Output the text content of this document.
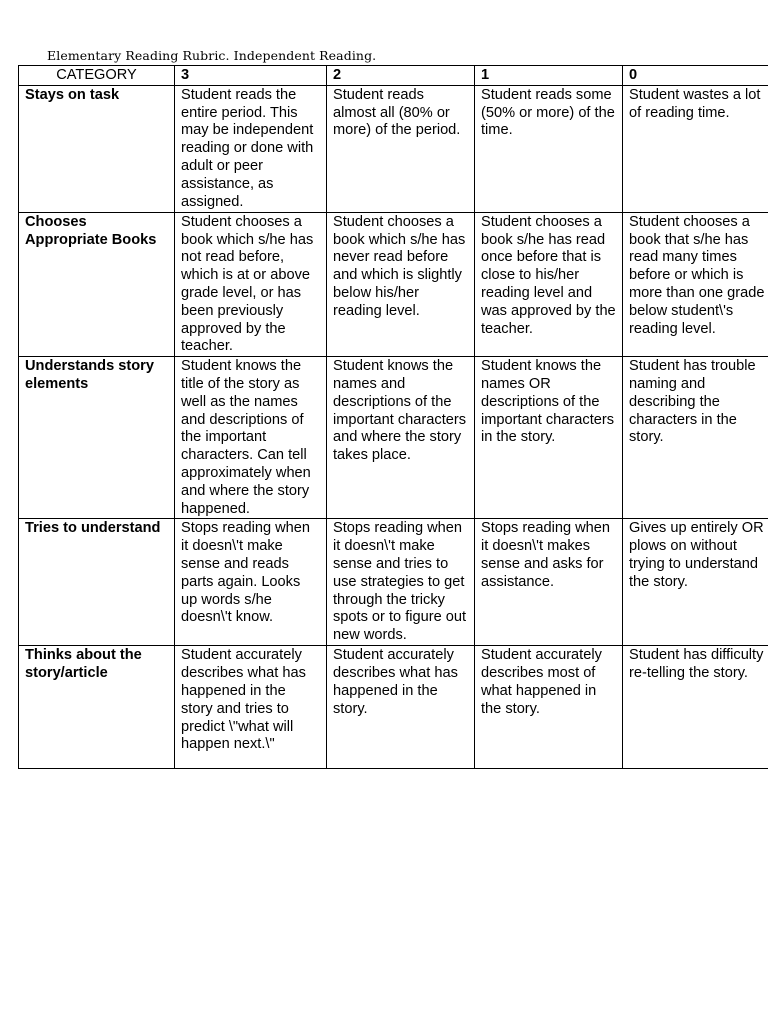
Elementary Reading Rubric. Independent Reading.
CATEGORY	3	2	1	0
Stays on task	Student reads the entire period. This may be independent reading or done with adult or peer assistance, as assigned.	Student reads almost all (80% or more) of the period.	Student reads some (50% or more) of the time.	Student wastes a lot of reading time.
Chooses Appropriate Books	Student chooses a book which s/he has not read before, which is at or above grade level, or has been previously approved by the teacher.	Student chooses a book which s/he has never read before and which is slightly below his/her reading level.	Student chooses a book s/he has read once before that is close to his/her reading level and was approved by the teacher.	Student chooses a book that s/he has read many times before or which is more than one grade below student\'s reading level.
Understands story elements	Student knows the title of the story as well as the names and descriptions of the important characters. Can tell approximately when and where the story happened.	Student knows the names and descriptions of the important characters and where the story takes place.	Student knows the names OR descriptions of the important characters in the story.	Student has trouble naming and describing the characters in the story.
Tries to understand	Stops reading when it doesn\'t make sense and reads parts again. Looks up words s/he doesn\'t know.	Stops reading when it doesn\'t make sense and tries to use strategies to get through the tricky spots or to figure out new words.	Stops reading when it doesn\'t makes sense and asks for assistance.	Gives up entirely OR plows on without trying to understand the story.
Thinks about the story/article	Student accurately describes what has happened in the story and tries to predict \"what will happen next.\"	Student accurately describes what has happened in the story.	Student accurately describes most of what happened in the story.	Student has difficulty re-telling the story.
